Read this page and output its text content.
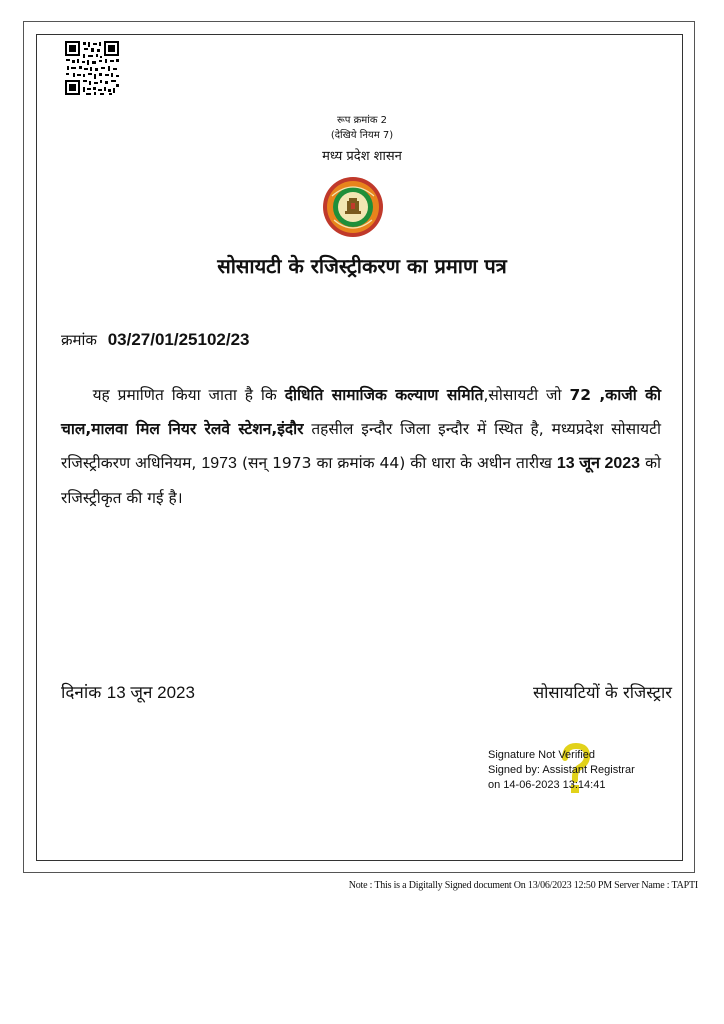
रूप क्रमांक 2
(देखिये नियम 7)
मध्य प्रदेश शासन
सोसायटी के रजिस्ट्रीकरण का प्रमाण पत्र
क्रमांक 03/27/01/25102/23
यह प्रमाणित किया जाता है कि दीधिति सामाजिक कल्याण समिति,सोसायटी जो 72 ,काजी की चाल,मालवा मिल नियर रेलवे स्टेशन,इंदौर तहसील इन्दौर जिला इन्दौर में स्थित है, मध्यप्रदेश सोसायटी रजिस्ट्रीकरण अधिनियम, 1973 (सन् 1973 का क्रमांक 44) की धारा के अधीन तारीख 13 जून 2023 को रजिस्ट्रीकृत की गई है।
दिनांक 13 जून 2023	सोसायटियों के रजिस्ट्रार
Signature Not Verified
Signed by: Assistant Registrar
on 14-06-2023 13:14:41
Note : This is a Digitally Signed document On 13/06/2023 12:50 PM Server Name : TAPTI
